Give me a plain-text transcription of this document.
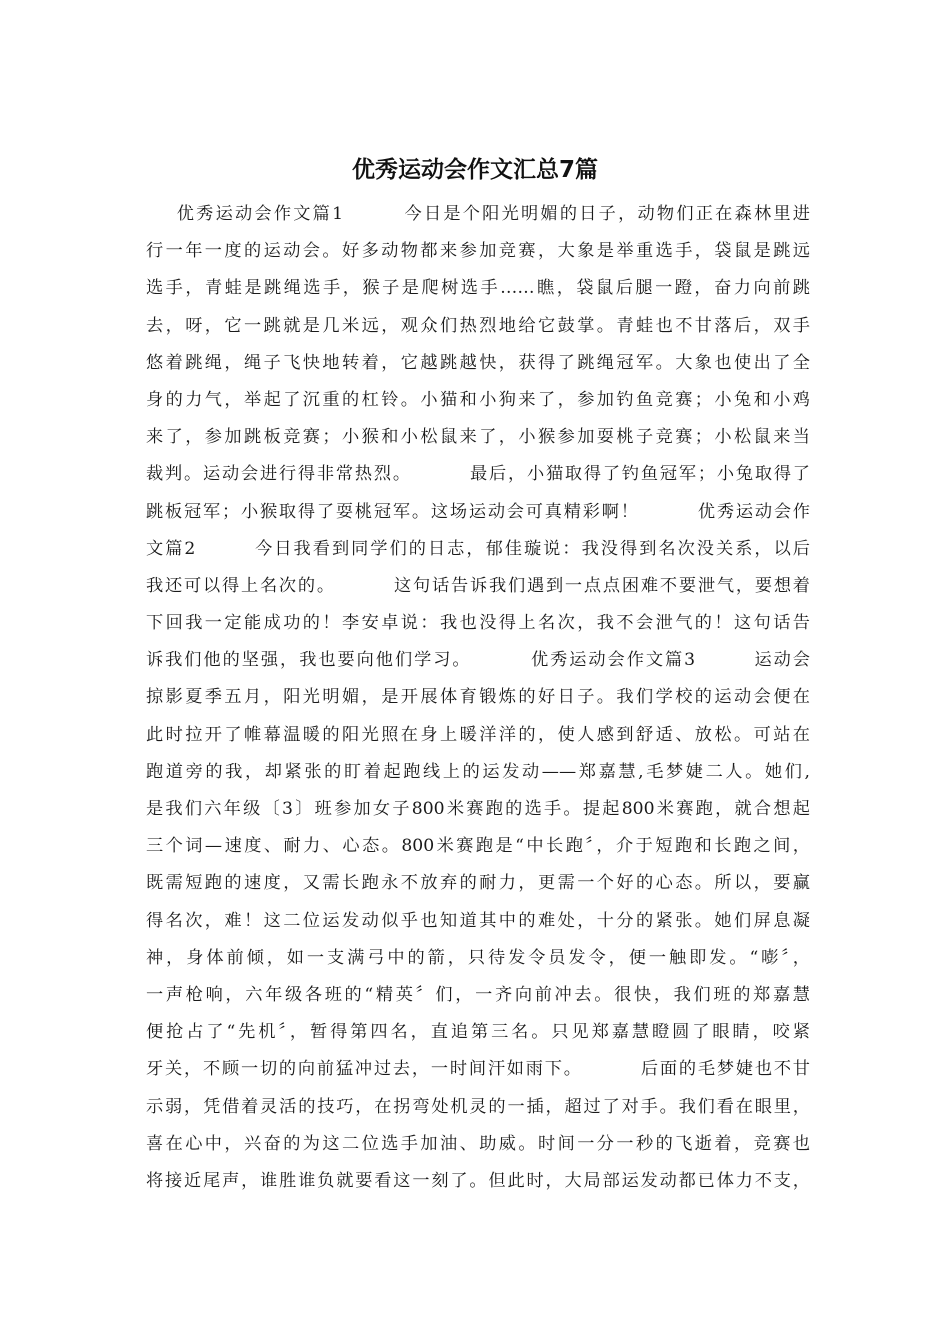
优秀运动会作文汇总7篇
优秀运动会作文篇1        今日是个阳光明媚的日子，动物们正在森林里进
行一年一度的运动会。好多动物都来参加竞赛，大象是举重选手，袋鼠是跳远
选手，青蛙是跳绳选手，猴子是爬树选手……瞧，袋鼠后腿一蹬，奋力向前跳
去，呀，它一跳就是几米远，观众们热烈地给它鼓掌。青蛙也不甘落后，双手
悠着跳绳，绳子飞快地转着，它越跳越快，获得了跳绳冠军。大象也使出了全
身的力气，举起了沉重的杠铃。小猫和小狗来了，参加钓鱼竞赛；小兔和小鸡
来了，参加跳板竞赛；小猴和小松鼠来了，小猴参加耍桃子竞赛；小松鼠来当
裁判。运动会进行得非常热烈。        最后，小猫取得了钓鱼冠军；小兔取得了
跳板冠军；小猴取得了耍桃冠军。这场运动会可真精彩啊！        优秀运动会作
文篇2        今日我看到同学们的日志，郁佳璇说：我没得到名次没关系，以后
我还可以得上名次的。        这句话告诉我们遇到一点点困难不要泄气，要想着
下回我一定能成功的！李安卓说：我也没得上名次，我不会泄气的！这句话告
诉我们他的坚强，我也要向他们学习。        优秀运动会作文篇3        运动会
掠影夏季五月，阳光明媚，是开展体育锻炼的好日子。我们学校的运动会便在
此时拉开了帷幕温暖的阳光照在身上暖洋洋的，使人感到舒适、放松。可站在
跑道旁的我，却紧张的盯着起跑线上的运发动——郑嘉慧,毛梦婕二人。她们,
是我们六年级〔3〕班参加女子800米赛跑的选手。提起800米赛跑，就合想起
三个词—速度、耐力、心态。800米赛跑是“中长跑〞，介于短跑和长跑之间，
既需短跑的速度，又需长跑永不放弃的耐力，更需一个好的心态。所以，要赢
得名次，难！这二位运发动似乎也知道其中的难处，十分的紧张。她们屏息凝
神，身体前倾，如一支满弓中的箭，只待发令员发令，便一触即发。“嘭〞，
一声枪响，六年级各班的“精英〞们，一齐向前冲去。很快，我们班的郑嘉慧
便抢占了“先机〞，暂得第四名，直追第三名。只见郑嘉慧瞪圆了眼睛，咬紧
牙关，不顾一切的向前猛冲过去，一时间汗如雨下。        后面的毛梦婕也不甘
示弱，凭借着灵活的技巧，在拐弯处机灵的一插，超过了对手。我们看在眼里，
喜在心中，兴奋的为这二位选手加油、助威。时间一分一秒的飞逝着，竞赛也
将接近尾声，谁胜谁负就要看这一刻了。但此时，大局部运发动都已体力不支，
